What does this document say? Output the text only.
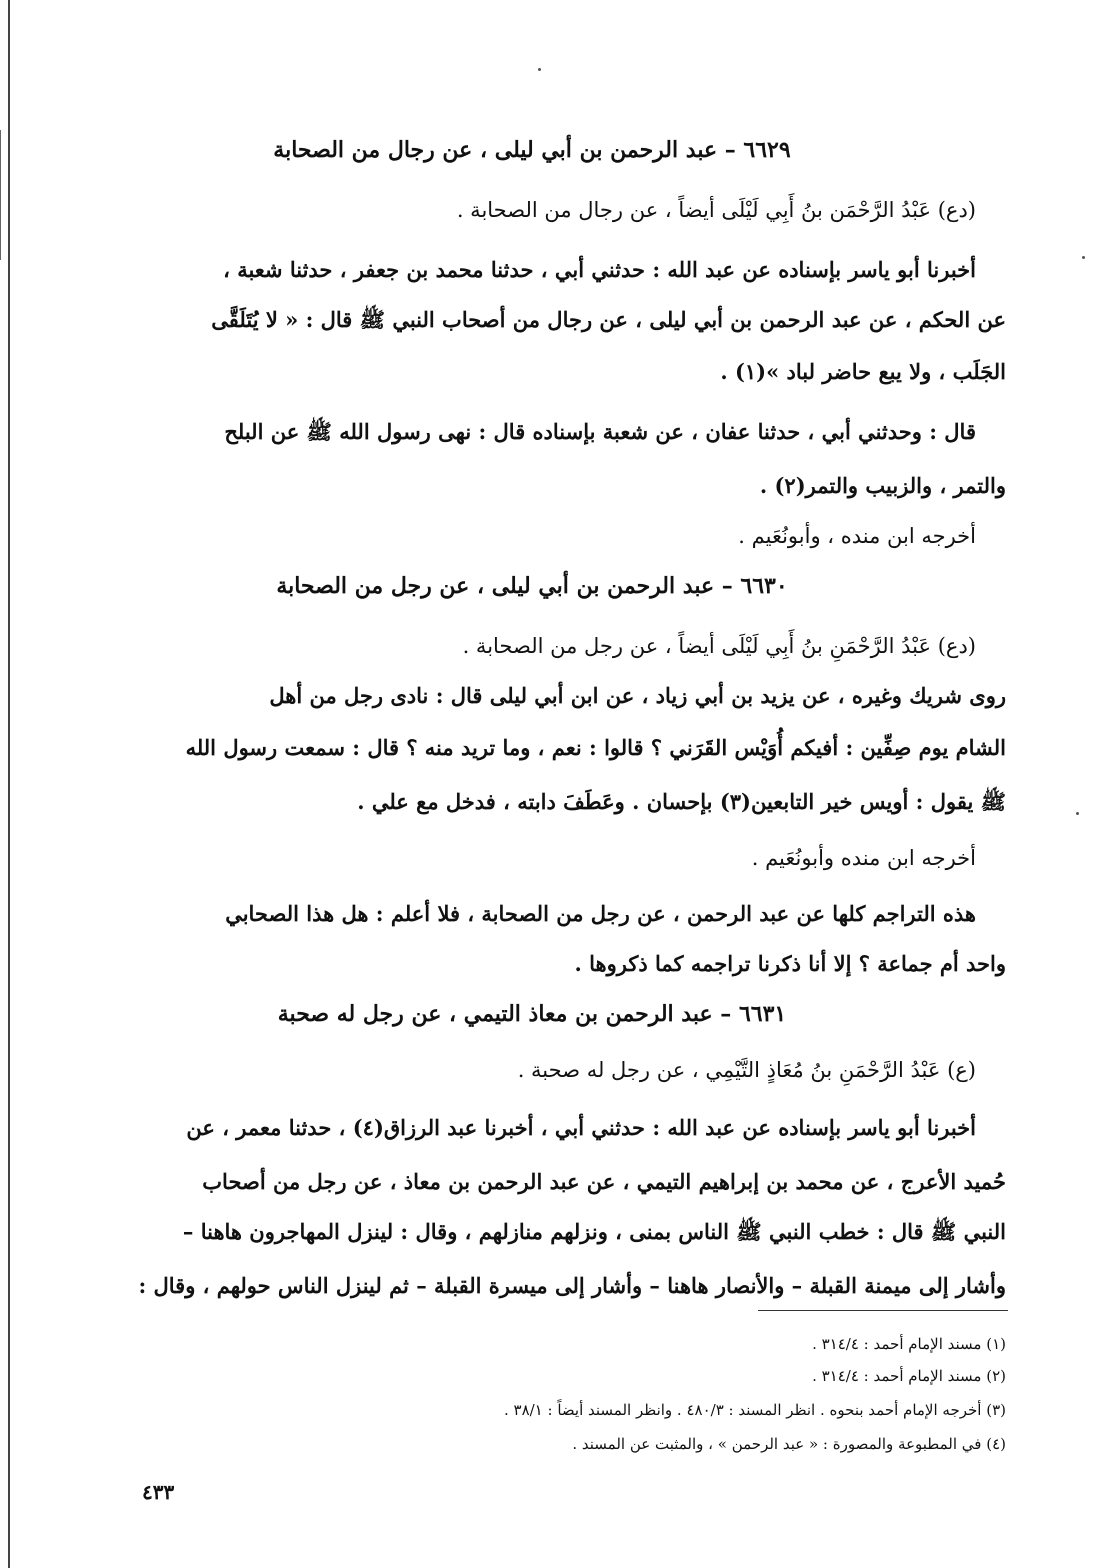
٦٦٢٩ – عبد الرحمن بن أبي ليلى ، عن رجال من الصحابة
(دع) عَبْدُ الرَّحْمَن بنُ أَبِي لَيْلَى أيضاً ، عن رجال من الصحابة .
أخبرنا أبو ياسر بإسناده عن عبد الله : حدثني أبي ، حدثنا محمد بن جعفر ، حدثنا شعبة ،
عن الحكم ، عن عبد الرحمن بن أبي ليلى ، عن رجال من أصحاب النبي ﷺ قال : « لا يُتَلَقَّى
الجَلَب ، ولا يبع حاضر لباد »(١) .
قال : وحدثني أبي ، حدثنا عفان ، عن شعبة بإسناده قال : نهى رسول الله ﷺ عن البلح
والتمر ، والزبيب والتمر(٢) .
أخرجه ابن منده ، وأبونُعَيم .
٦٦٣٠ – عبد الرحمن بن أبي ليلى ، عن رجل من الصحابة
(دع) عَبْدُ الرَّحْمَنِ بنُ أَبِي لَيْلَى أيضاً ، عن رجل من الصحابة .
روى شريك وغيره ، عن يزيد بن أبي زياد ، عن ابن أبي ليلى قال : نادى رجل من أهل
الشام يوم صِفِّين : أفيكم أُوَيْس القَرَني ؟ قالوا : نعم ، وما تريد منه ؟ قال : سمعت رسول الله
ﷺ يقول : أويس خير التابعين(٣) بإحسان . وعَطَفَ دابته ، فدخل مع علي .
أخرجه ابن منده وأبونُعَيم .
هذه التراجم كلها عن عبد الرحمن ، عن رجل من الصحابة ، فلا أعلم : هل هذا الصحابي
واحد أم جماعة ؟ إلا أنا ذكرنا تراجمه كما ذكروها .
٦٦٣١ – عبد الرحمن بن معاذ التيمي ، عن رجل له صحبة
(ع) عَبْدُ الرَّحْمَنِ بنُ مُعَاذٍ التَّيْمِي ، عن رجل له صحبة .
أخبرنا أبو ياسر بإسناده عن عبد الله : حدثني أبي ، أخبرنا عبد الرزاق(٤) ، حدثنا معمر ، عن
حُميد الأعرج ، عن محمد بن إبراهيم التيمي ، عن عبد الرحمن بن معاذ ، عن رجل من أصحاب
النبي ﷺ قال : خطب النبي ﷺ الناس بمنى ، ونزلهم منازلهم ، وقال : لينزل المهاجرون هاهنا –
وأشار إلى ميمنة القبلة – والأنصار هاهنا – وأشار إلى ميسرة القبلة – ثم لينزل الناس حولهم ، وقال :
(١) مسند الإمام أحمد : ٣١٤/٤ .
(٢) مسند الإمام أحمد : ٣١٤/٤ .
(٣) أخرجه الإمام أحمد بنحوه . انظر المسند : ٤٨٠/٣ . وانظر المسند أيضاً : ٣٨/١ .
(٤) في المطبوعة والمصورة : « عبد الرحمن » ، والمثبت عن المسند .
٤٣٣
